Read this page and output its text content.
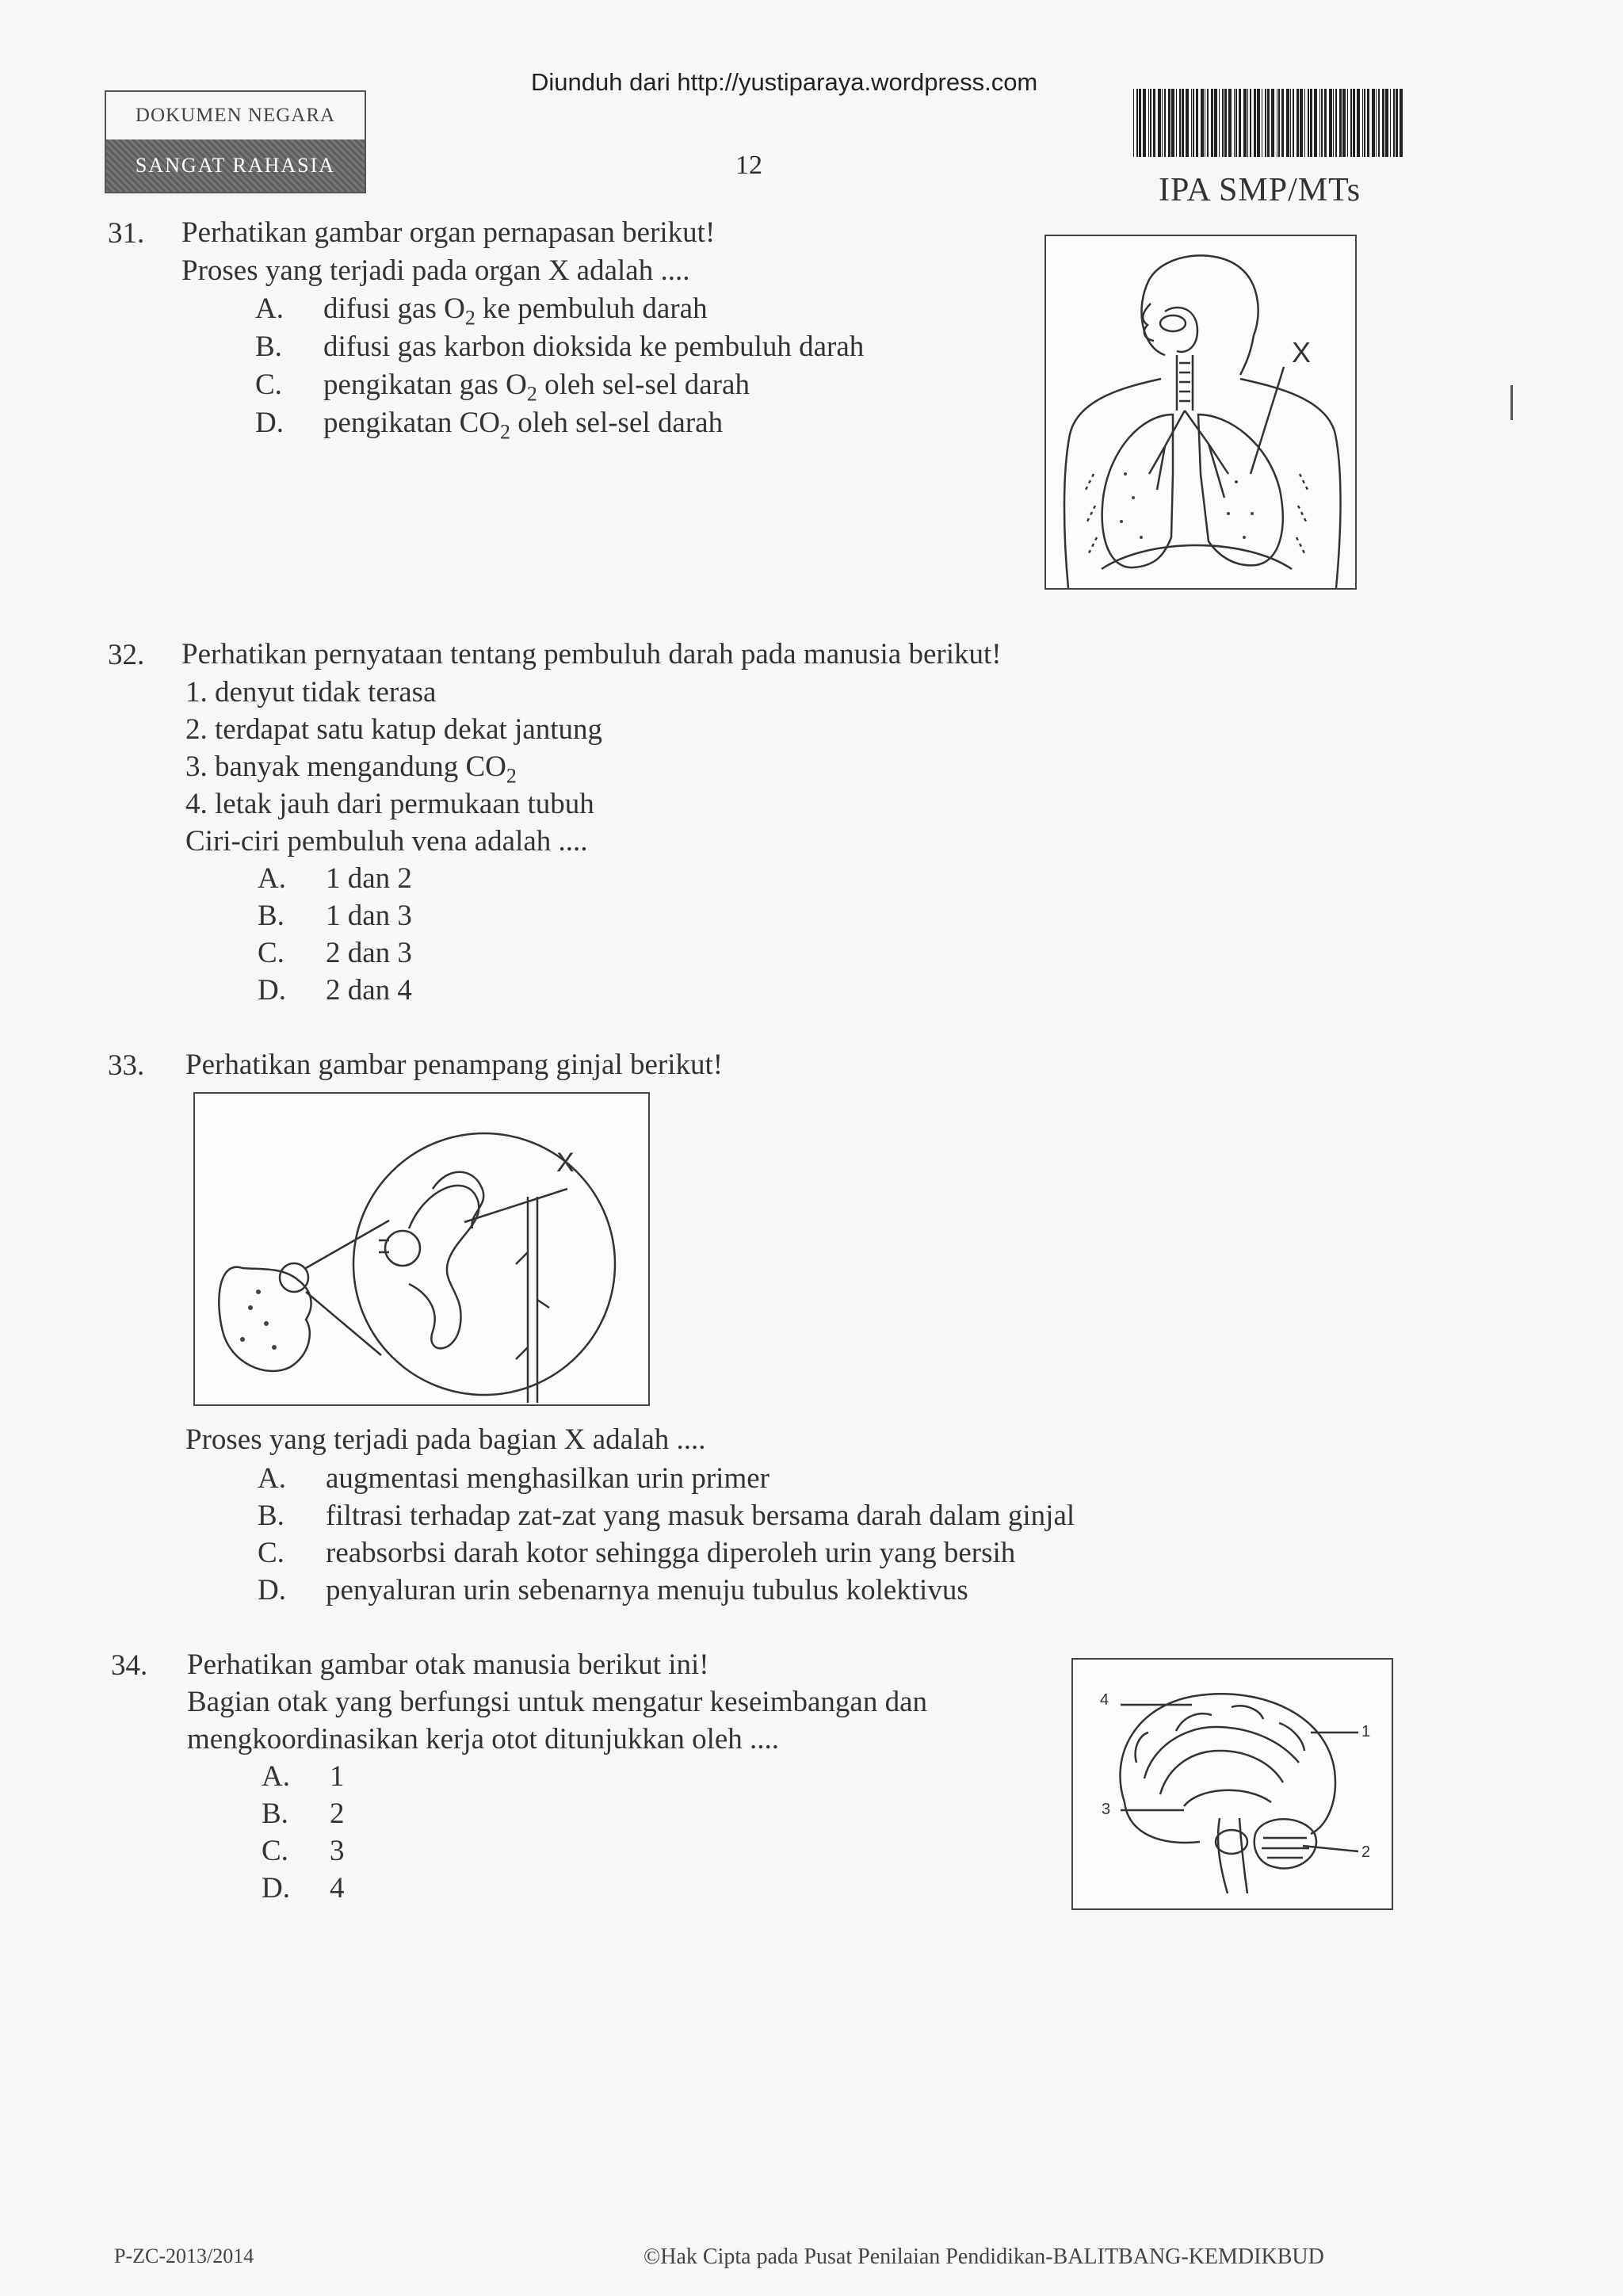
Diunduh dari http://yustiparaya.wordpress.com
DOKUMEN NEGARA
SANGAT RAHASIA	12
IPA SMP/MTs
31. Perhatikan gambar organ pernapasan berikut!
Proses yang terjadi pada organ X adalah ....
A. difusi gas $O_2$ ke pembuluh darah
B. difusi gas karbon dioksida ke pembuluh darah
C. pengikatan gas $O_2$ oleh sel-sel darah
D. pengikatan $CO_2$ oleh sel-sel darah
X
32. Perhatikan pernyataan tentang pembuluh darah pada manusia berikut!
1. denyut tidak terasa
2. terdapat satu katup dekat jantung
3. banyak mengandung $CO_2$
4. letak jauh dari permukaan tubuh
Ciri-ciri pembuluh vena adalah ....
A. 1 dan 2
B. 1 dan 3
C. 2 dan 3
D. 2 dan 4
33. Perhatikan gambar penampang ginjal berikut!
X
Proses yang terjadi pada bagian X adalah ....
A. augmentasi menghasilkan urin primer
B. filtrasi terhadap zat-zat yang masuk bersama darah dalam ginjal
C. reabsorbsi darah kotor sehingga diperoleh urin yang bersih
D. penyaluran urin sebenarnya menuju tubulus kolektivus
34. Perhatikan gambar otak manusia berikut ini!
Bagian otak yang berfungsi untuk mengatur keseimbangan dan
mengkoordinasikan kerja otot ditunjukkan oleh ....
A. 1
B. 2
C. 3
D. 4
4
1
3
2
P-ZC-2013/2014	©Hak Cipta pada Pusat Penilaian Pendidikan-BALITBANG-KEMDIKBUD
